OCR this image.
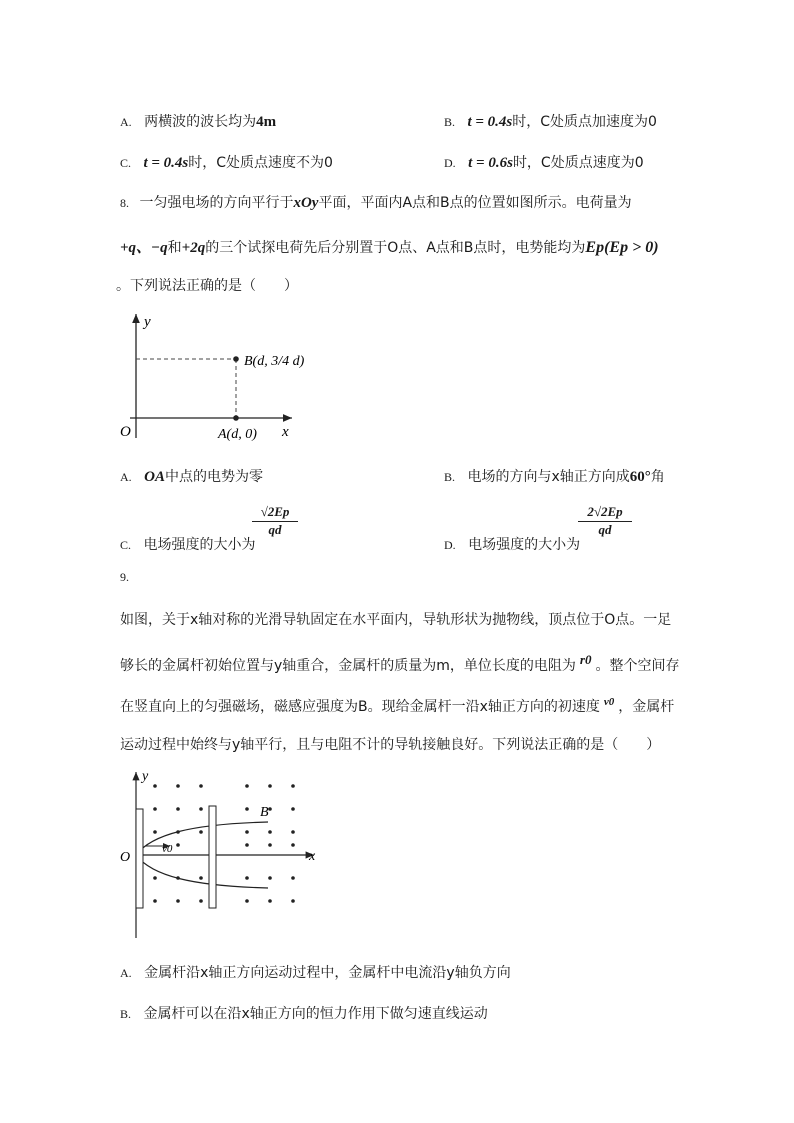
A. 两横波的波长均为4m	B. t = 0.4s时，C处质点加速度为0
C. t = 0.4s时，C处质点速度不为0	D. t = 0.6s时，C处质点速度为0
8. 一匀强电场的方向平行于xOy平面，平面内A点和B点的位置如图所示。电荷量为
+q、−q和+2q的三个试探电荷先后分别置于O点、A点和B点时，电势能均为Ep(Ep > 0)
。下列说法正确的是（　　）
y
x
O
B(d, 3/4 d)
A(d, 0)
A. OA中点的电势为零	B. 电场的方向与x轴正方向成60°角
C. 电场强度的大小为
√2Ep
qd
D. 电场强度的大小为
2√2Ep
qd
9.
如图，关于x轴对称的光滑导轨固定在水平面内，导轨形状为抛物线，顶点位于O点。一足
够长的金属杆初始位置与y轴重合，金属杆的质量为m，单位长度的电阻为 r0 。整个空间存
在竖直向上的匀强磁场，磁感应强度为B。现给金属杆一沿x轴正方向的初速度 $^{v0}$ ，金属杆
运动过程中始终与y轴平行，且与电阻不计的导轨接触良好。下列说法正确的是（　　）
v0
y
x
O
B
A. 金属杆沿x轴正方向运动过程中，金属杆中电流沿y轴负方向
B. 金属杆可以在沿x轴正方向的恒力作用下做匀速直线运动
